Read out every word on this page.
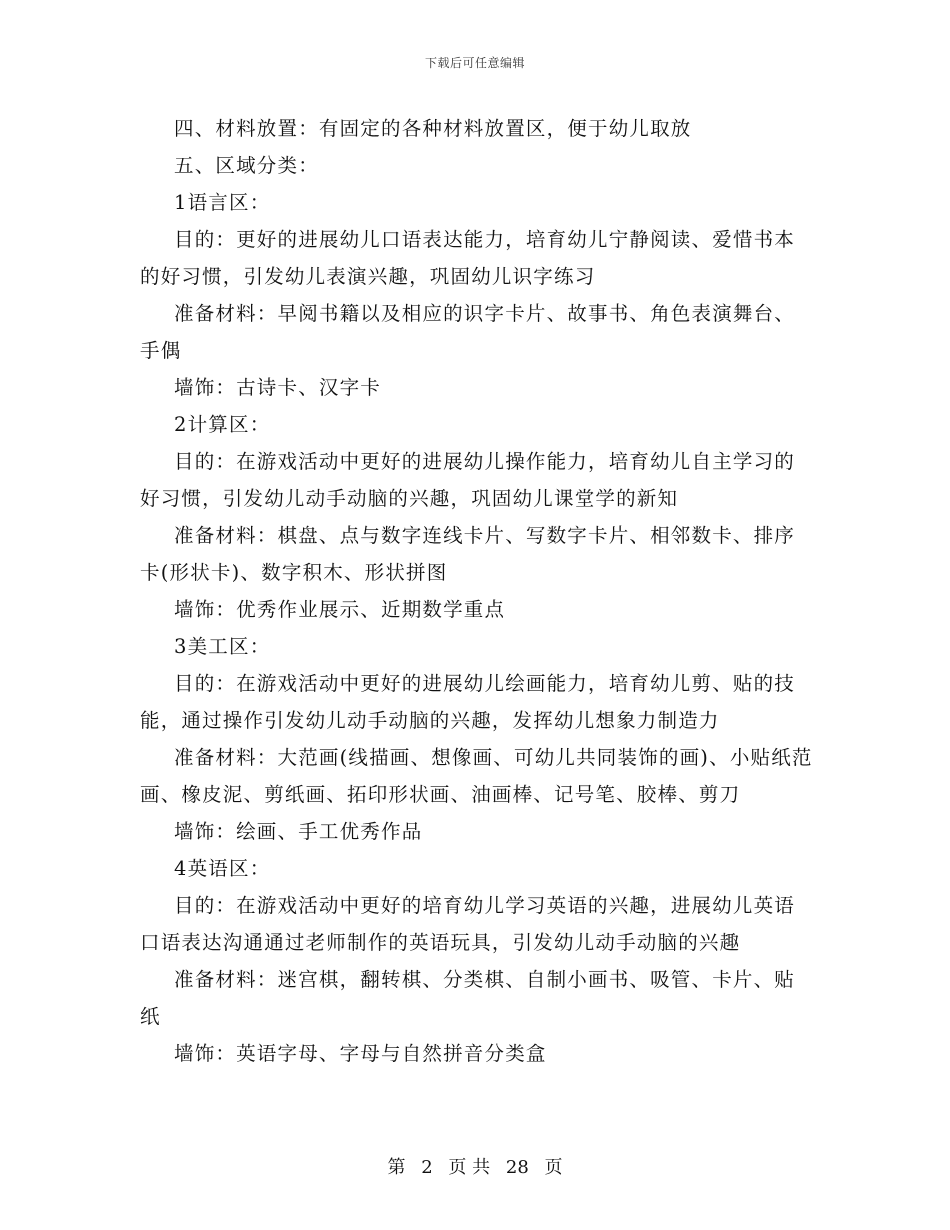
下载后可任意编辑

四、材料放置：有固定的各种材料放置区，便于幼儿取放

五、区域分类：

1语言区：

目的：更好的进展幼儿口语表达能力，培育幼儿宁静阅读、爱惜书本的好习惯，引发幼儿表演兴趣，巩固幼儿识字练习

准备材料：早阅书籍以及相应的识字卡片、故事书、角色表演舞台、手偶

墙饰：古诗卡、汉字卡

2计算区：

目的：在游戏活动中更好的进展幼儿操作能力，培育幼儿自主学习的好习惯，引发幼儿动手动脑的兴趣，巩固幼儿课堂学的新知

准备材料：棋盘、点与数字连线卡片、写数字卡片、相邻数卡、排序卡(形状卡)、数字积木、形状拼图

墙饰：优秀作业展示、近期数学重点

3美工区：

目的：在游戏活动中更好的进展幼儿绘画能力，培育幼儿剪、贴的技能，通过操作引发幼儿动手动脑的兴趣，发挥幼儿想象力制造力

准备材料：大范画(线描画、想像画、可幼儿共同装饰的画)、小贴纸范画、橡皮泥、剪纸画、拓印形状画、油画棒、记号笔、胶棒、剪刀

墙饰：绘画、手工优秀作品

4英语区：

目的：在游戏活动中更好的培育幼儿学习英语的兴趣，进展幼儿英语口语表达沟通通过老师制作的英语玩具，引发幼儿动手动脑的兴趣

准备材料：迷宫棋，翻转棋、分类棋、自制小画书、吸管、卡片、贴纸

墙饰：英语字母、字母与自然拼音分类盒

第 2 页 共 28 页
